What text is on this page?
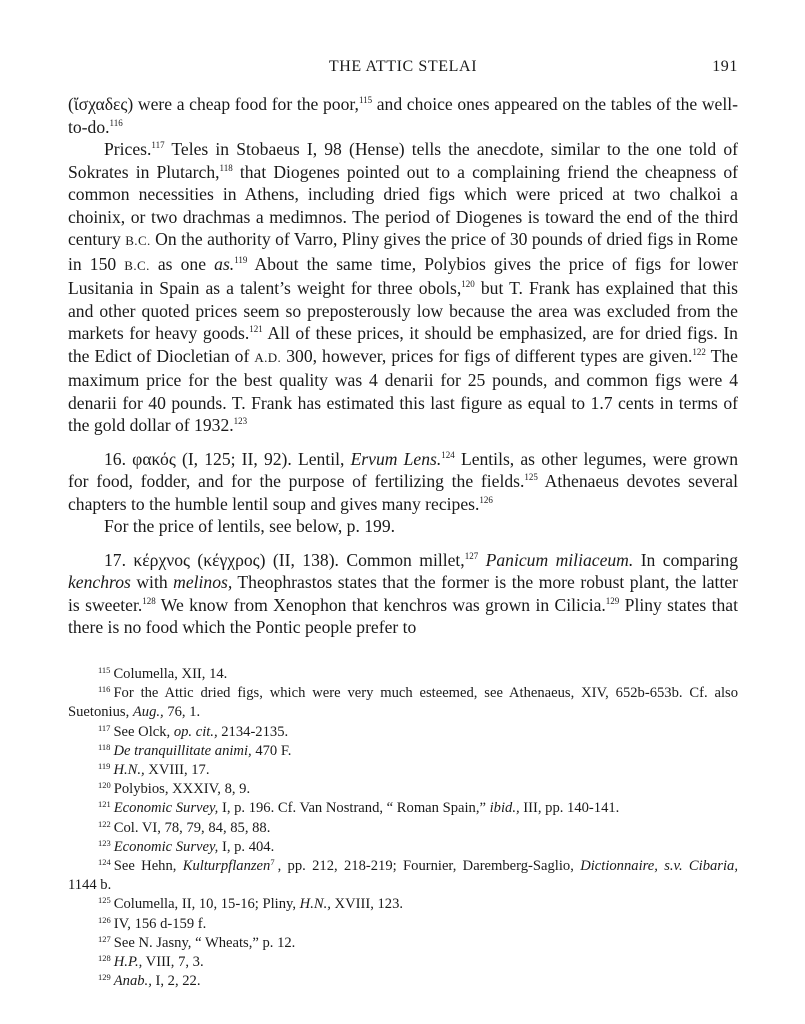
THE ATTIC STELAI	191

(ἴσχαδες) were a cheap food for the poor,$^{115}$ and choice ones appeared on the tables of the well-to-do.$^{116}$

Prices.$^{117}$ Teles in Stobaeus I, 98 (Hense) tells the anecdote, similar to the one told of Sokrates in Plutarch,$^{118}$ that Diogenes pointed out to a complaining friend the cheapness of common necessities in Athens, including dried figs which were priced at two chalkoi a choinix, or two drachmas a medimnos. The period of Diogenes is toward the end of the third century B.C. On the authority of Varro, Pliny gives the price of 30 pounds of dried figs in Rome in 150 B.C. as one as.$^{119}$ About the same time, Polybios gives the price of figs for lower Lusitania in Spain as a talent’s weight for three obols,$^{120}$ but T. Frank has explained that this and other quoted prices seem so preposterously low because the area was excluded from the markets for heavy goods.$^{121}$ All of these prices, it should be emphasized, are for dried figs. In the Edict of Diocletian of A.D. 300, however, prices for figs of different types are given.$^{122}$ The maximum price for the best quality was 4 denarii for 25 pounds, and common figs were 4 denarii for 40 pounds. T. Frank has estimated this last figure as equal to 1.7 cents in terms of the gold dollar of 1932.$^{123}$

16. φακός (I, 125; II, 92). Lentil, Ervum Lens.$^{124}$ Lentils, as other legumes, were grown for food, fodder, and for the purpose of fertilizing the fields.$^{125}$ Athenaeus devotes several chapters to the humble lentil soup and gives many recipes.$^{126}$

For the price of lentils, see below, p. 199.

17. κέρχνος (κέγχρος) (II, 138). Common millet,$^{127}$ Panicum miliaceum. In comparing kenchros with melinos, Theophrastos states that the former is the more robust plant, the latter is sweeter.$^{128}$ We know from Xenophon that kenchros was grown in Cilicia.$^{129}$ Pliny states that there is no food which the Pontic people prefer to

$^{115}$ Columella, XII, 14.

$^{116}$ For the Attic dried figs, which were very much esteemed, see Athenaeus, XIV, 652b-653b. Cf. also Suetonius, Aug., 76, 1.

$^{117}$ See Olck, op. cit., 2134-2135.

$^{118}$ De tranquillitate animi, 470 F.

$^{119}$ H.N., XVIII, 17.

$^{120}$ Polybios, XXXIV, 8, 9.

$^{121}$ Economic Survey, I, p. 196. Cf. Van Nostrand, “ Roman Spain,” ibid., III, pp. 140-141.

$^{122}$ Col. VI, 78, 79, 84, 85, 88.

$^{123}$ Economic Survey, I, p. 404.

$^{124}$ See Hehn, Kulturpflanzen$^7$ , pp. 212, 218-219; Fournier, Daremberg-Saglio, Dictionnaire, s.v. Cibaria, 1144 b.

$^{125}$ Columella, II, 10, 15-16; Pliny, H.N., XVIII, 123.

$^{126}$ IV, 156 d-159 f.

$^{127}$ See N. Jasny, “ Wheats,” p. 12.

$^{128}$ H.P., VIII, 7, 3.

$^{129}$ Anab., I, 2, 22.
